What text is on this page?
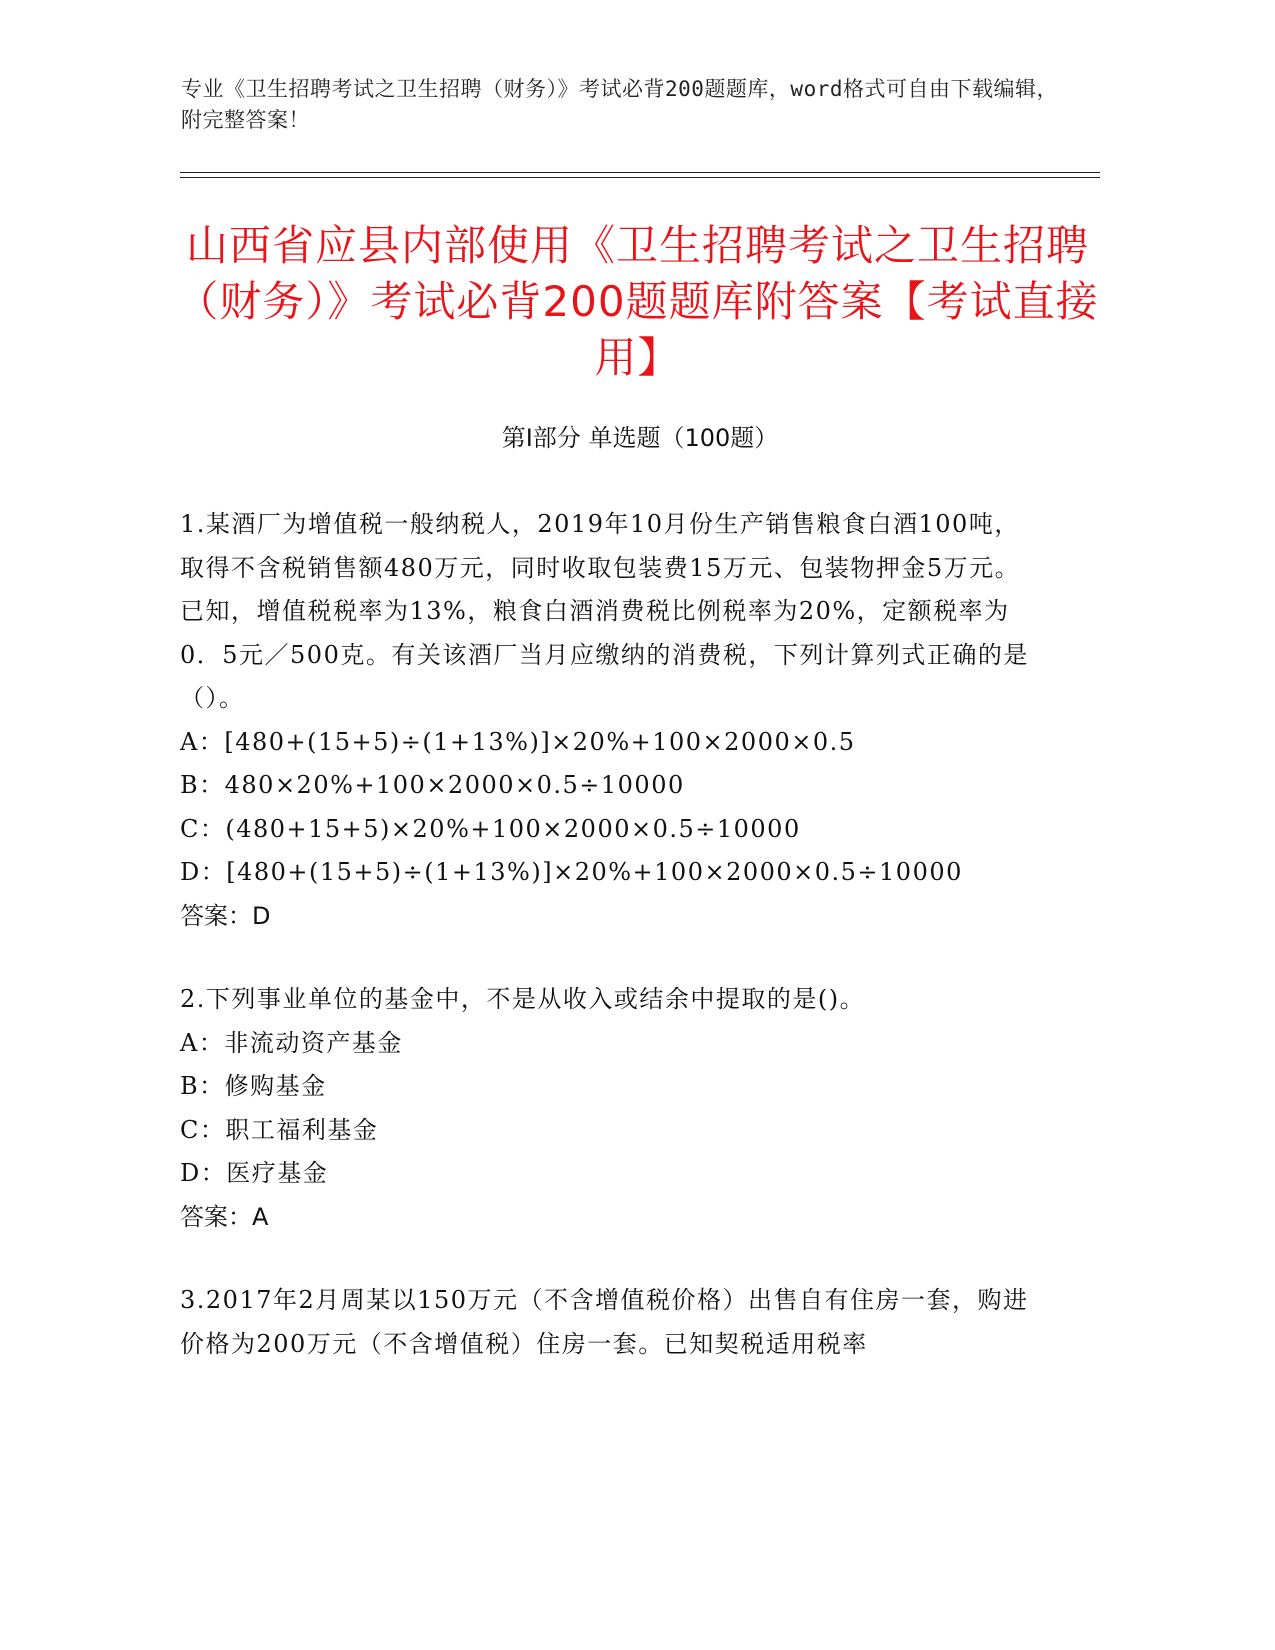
专业《卫生招聘考试之卫生招聘（财务）》考试必背200题题库，word格式可自由下载编辑，附完整答案！
山西省应县内部使用《卫生招聘考试之卫生招聘（财务）》考试必背200题题库附答案【考试直接用】
第I部分 单选题（100题）

1.某酒厂为增值税一般纳税人，2019年10月份生产销售粮食白酒100吨，取得不含税销售额480万元，同时收取包装费15万元、包装物押金5万元。已知，增值税税率为13%，粮食白酒消费税比例税率为20%，定额税率为0．5元／500克。有关该酒厂当月应缴纳的消费税，下列计算列式正确的是（）。

A：[480+(15+5)÷(1+13%)]×20%+100×2000×0.5

B：480×20%+100×2000×0.5÷10000

C：(480+15+5)×20%+100×2000×0.5÷10000

D：[480+(15+5)÷(1+13%)]×20%+100×2000×0.5÷10000

答案：D

2.下列事业单位的基金中，不是从收入或结余中提取的是()。

A：非流动资产基金

B：修购基金

C：职工福利基金

D：医疗基金

答案：A

3.2017年2月周某以150万元（不含增值税价格）出售自有住房一套，购进价格为200万元（不含增值税）住房一套。已知契税适用税率
